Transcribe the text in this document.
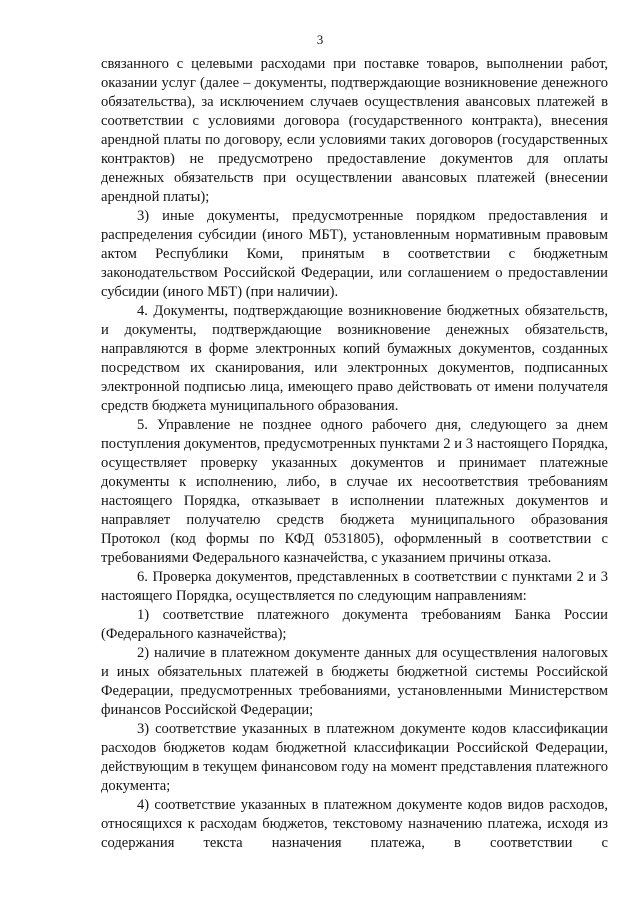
3

связанного с целевыми расходами при поставке товаров, выполнении работ, оказании услуг (далее – документы, подтверждающие возникновение денежного обязательства), за исключением случаев осуществления авансовых платежей в соответствии с условиями договора (государственного контракта), внесения арендной платы по договору, если условиями таких договоров (государственных контрактов) не предусмотрено предоставление документов для оплаты денежных обязательств при осуществлении авансовых платежей (внесении арендной платы);

3) иные документы, предусмотренные порядком предоставления и распределения субсидии (иного МБТ), установленным нормативным правовым актом Республики Коми, принятым в соответствии с бюджетным законодательством Российской Федерации, или соглашением о предоставлении субсидии (иного МБТ) (при наличии).

4. Документы, подтверждающие возникновение бюджетных обязательств, и документы, подтверждающие возникновение денежных обязательств, направляются в форме электронных копий бумажных документов, созданных посредством их сканирования, или электронных документов, подписанных электронной подписью лица, имеющего право действовать от имени получателя средств бюджета муниципального образования.

5. Управление не позднее одного рабочего дня, следующего за днем поступления документов, предусмотренных пунктами 2 и 3 настоящего Порядка, осуществляет проверку указанных документов и принимает платежные документы к исполнению, либо, в случае их несоответствия требованиям настоящего Порядка, отказывает в исполнении платежных документов и направляет получателю средств бюджета муниципального образования Протокол (код формы по КФД 0531805), оформленный в соответствии с требованиями Федерального казначейства, с указанием причины отказа.

6. Проверка документов, представленных в соответствии с пунктами 2 и 3 настоящего Порядка, осуществляется по следующим направлениям:

1) соответствие платежного документа требованиям Банка России (Федерального казначейства);

2) наличие в платежном документе данных для осуществления налоговых и иных обязательных платежей в бюджеты бюджетной системы Российской Федерации, предусмотренных требованиями, установленными Министерством финансов Российской Федерации;

3) соответствие указанных в платежном документе кодов классификации расходов бюджетов кодам бюджетной классификации Российской Федерации, действующим в текущем финансовом году на момент представления платежного документа;

4) соответствие указанных в платежном документе кодов видов расходов, относящихся к расходам бюджетов, текстовому назначению платежа, исходя из содержания текста назначения платежа, в соответствии с
